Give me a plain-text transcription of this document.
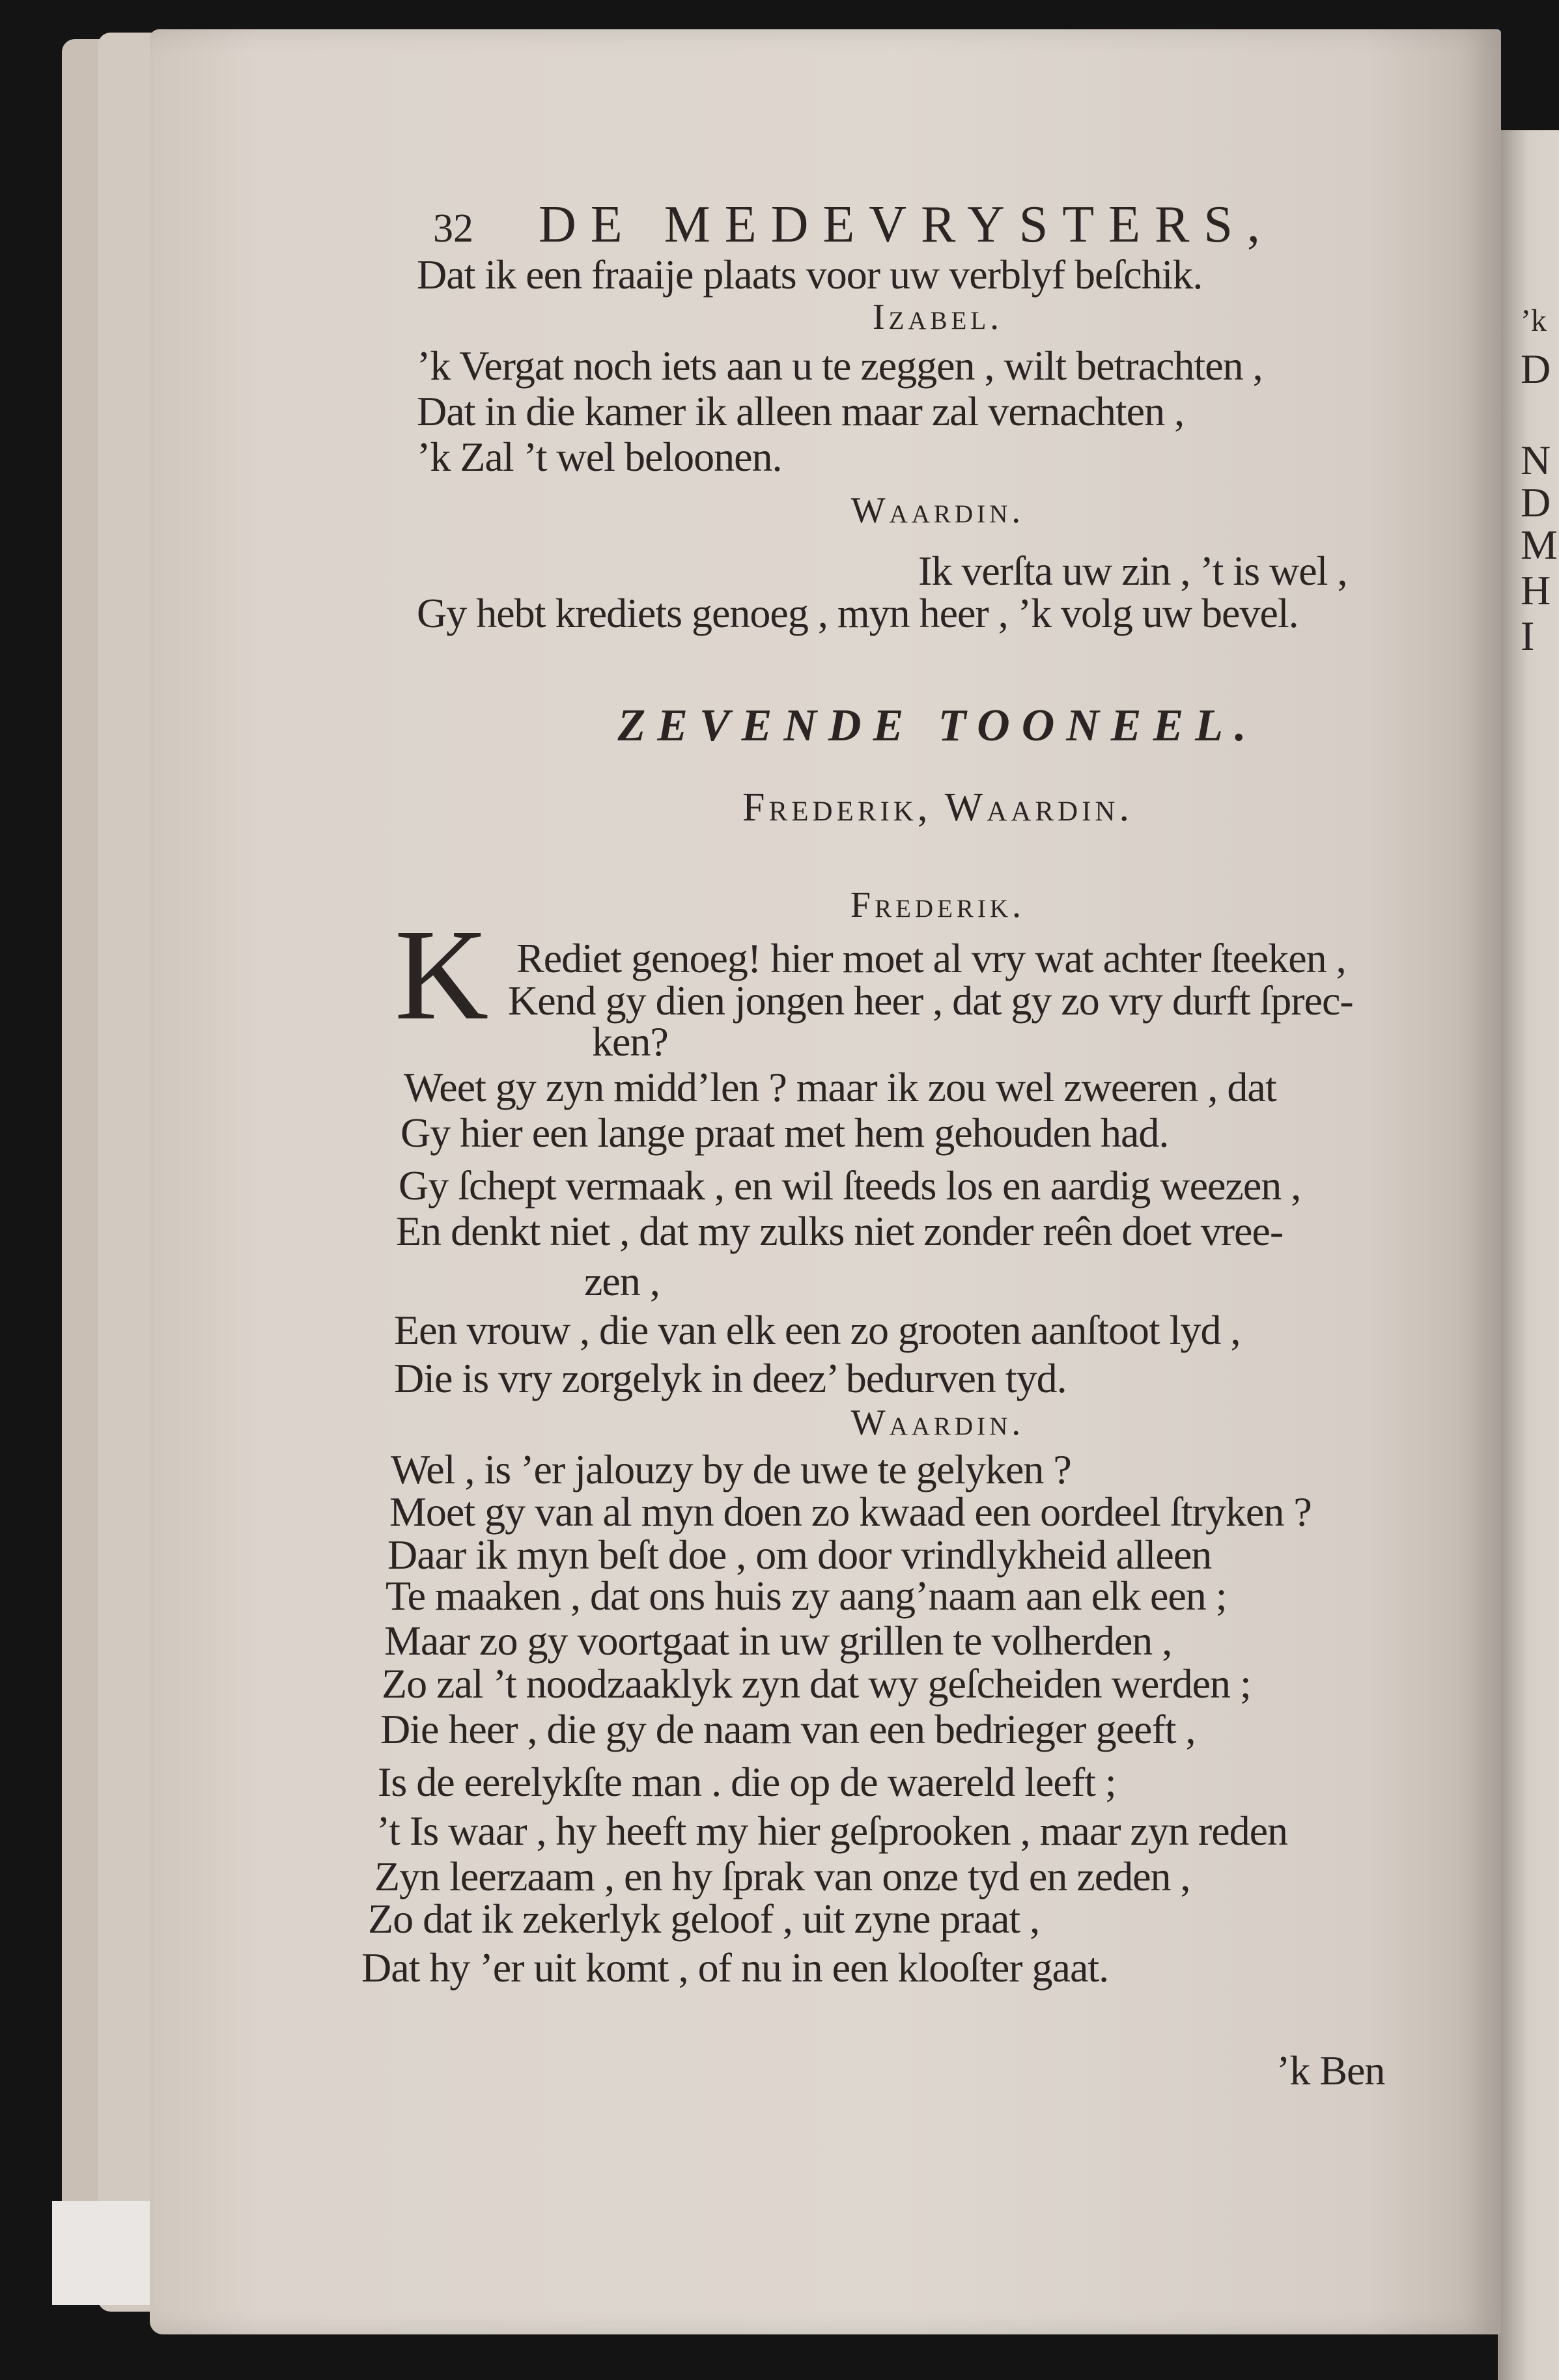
’k
D
N
D
M
H
I
32 DE MEDEVRYSTERS,
Dat ik een fraaije plaats voor uw verblyf beſchik.
Izabel.
’k Vergat noch iets aan u te zeggen , wilt betrachten ,
Dat in die kamer ik alleen maar zal vernachten ,
’k Zal ’t wel beloonen.
Waardin.
Ik verſta uw zin , ’t is wel ,
Gy hebt krediets genoeg , myn heer , ’k volg uw bevel.
ZEVENDE TOONEEL.
Frederik, Waardin.
Frederik.
K Rediet genoeg! hier moet al vry wat achter ſteeken ,
Kend gy dien jongen heer , dat gy zo vry durft ſprec-
ken?
Weet gy zyn midd’len ? maar ik zou wel zweeren , dat
Gy hier een lange praat met hem gehouden had.
Gy ſchept vermaak , en wil ſteeds los en aardig weezen ,
En denkt niet , dat my zulks niet zonder reên doet vree-
zen ,
Een vrouw , die van elk een zo grooten aanſtoot lyd ,
Die is vry zorgelyk in deez’ bedurven tyd.
Waardin.
Wel , is ’er jalouzy by de uwe te gelyken ?
Moet gy van al myn doen zo kwaad een oordeel ſtryken ?
Daar ik myn beſt doe , om door vrindlykheid alleen
Te maaken , dat ons huis zy aang’naam aan elk een ;
Maar zo gy voortgaat in uw grillen te volherden ,
Zo zal ’t noodzaaklyk zyn dat wy geſcheiden werden ;
Die heer , die gy de naam van een bedrieger geeft ,
Is de eerelykſte man . die op de waereld leeft ;
’t Is waar , hy heeft my hier geſprooken , maar zyn reden
Zyn leerzaam , en hy ſprak van onze tyd en zeden ,
Zo dat ik zekerlyk geloof , uit zyne praat ,
Dat hy ’er uit komt , of nu in een klooſter gaat.
’k Ben
